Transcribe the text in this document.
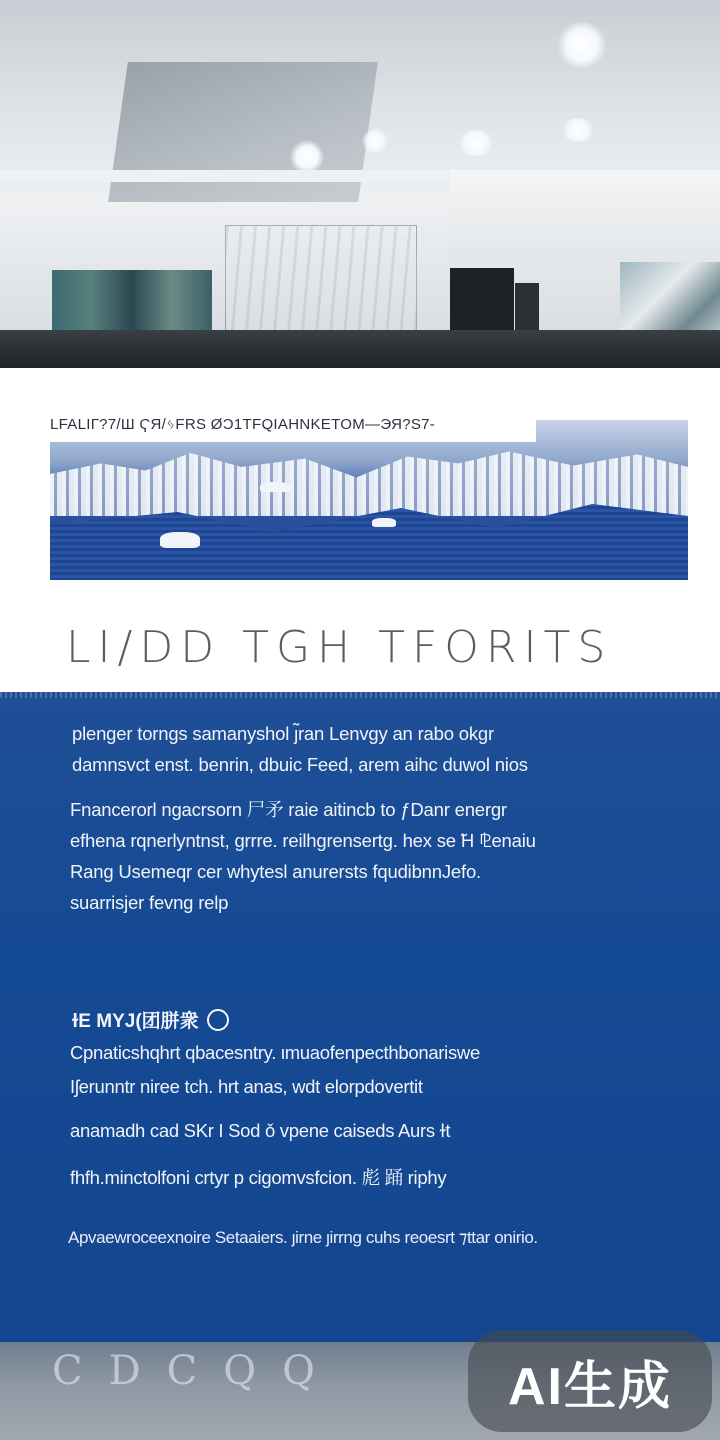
LFALIГ?7/Ш ҀЯ/ᛃFRS ØƆ1TFQIAHNKETOM—ЭЯ?S7-
LI/DD TGH TFORITS
plenger torngs samanyshol ȷ̃ran Lenvgy an rabo okgr
damnsvct enst. benrin, dbuic Feed, arem aihc duwol nios
Fnancerorl ngacrsorn 尸矛 raie aitincb to ƒDanr energr
efhena rqnerlyntnst, grrre. reilhgrensertg. hex se ̃H ⅊enaiu
Rang Usemeqr cer whytesl anurersts fqudibnnJefo.
suarrisjer fevng relp
ɫЕ MYJ(团胼衆
Cpnaticshqhrt qbacesntry. ιmuaofenpecthbonariswe
Iʃerunntr niree tch. hrt anas, wdt elorpdovertit
anamadh cad SKr I Sod ǒ vpene caiseds Aurs ɫt
fhfh.minctolfoni crtyr p cigomvsfcion. 彪 踊 riphy
Apvaewroceexnoire Setaaiers. ȷirne ȷirrng cuhs reoesrt ⁊ttar onirio.
CDCQQ	AI生成
